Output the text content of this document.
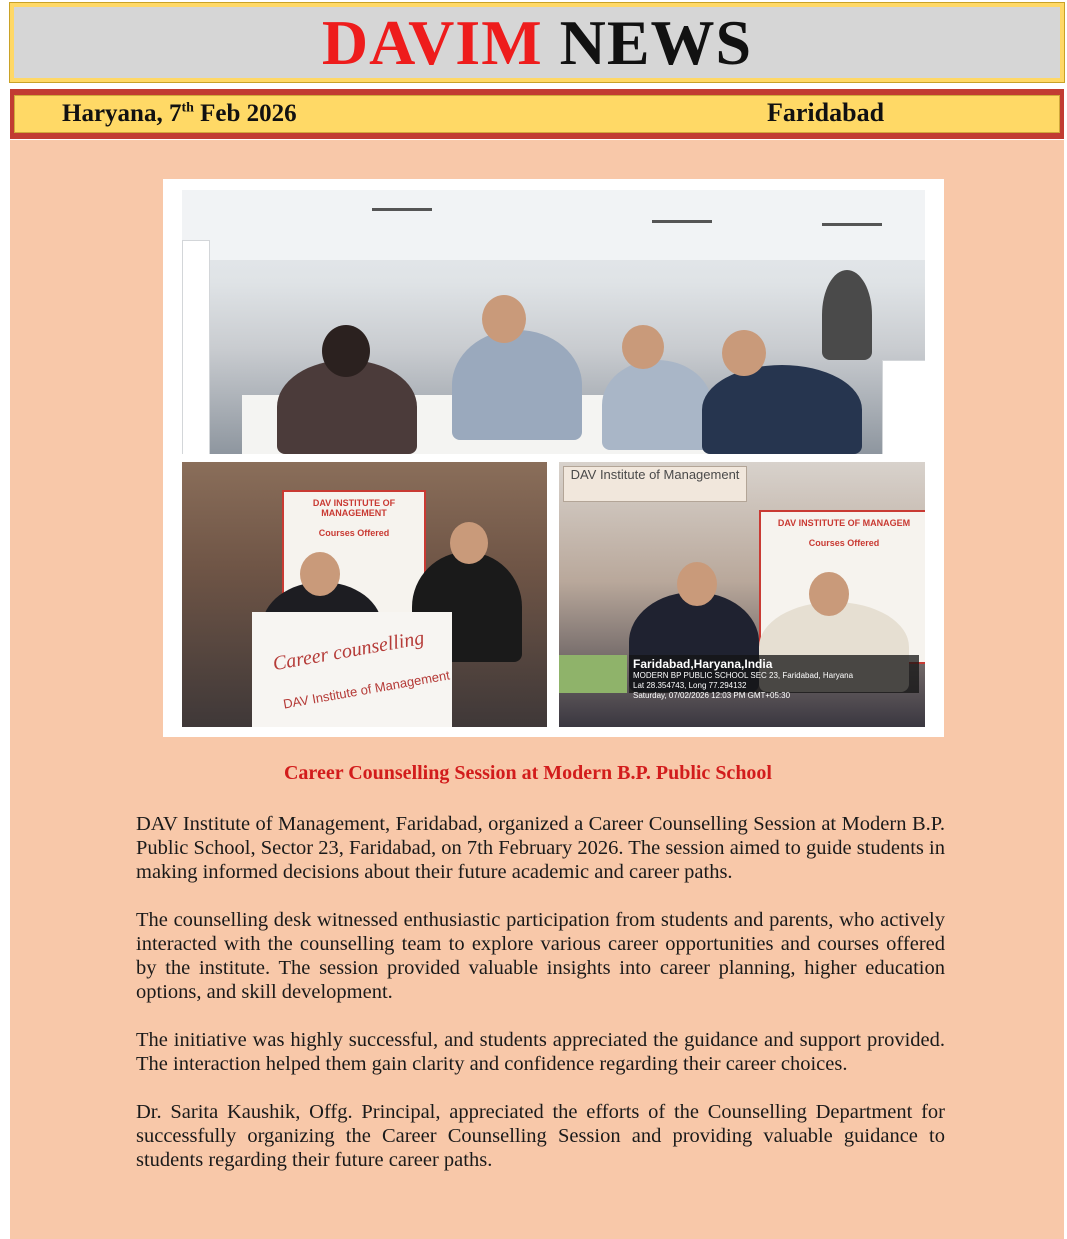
DAVIM NEWS
Haryana, 7th Feb 2026	Faridabad
DAV INSTITUTE OF MANAGEMENT

Courses Offered
Career counselling
DAV Institute of Management
DAV Institute of Management
DAV INSTITUTE OF MANAGEM

Courses Offered
Faridabad,Haryana,India
MODERN BP PUBLIC SCHOOL SEC 23, Faridabad, Haryana
Lat 28.354743, Long 77.294132
Saturday, 07/02/2026 12:03 PM GMT+05:30
Career Counselling Session at Modern B.P. Public School

DAV Institute of Management, Faridabad, organized a Career Counselling Session at Modern B.P. Public School, Sector 23, Faridabad, on 7th February 2026. The session aimed to guide students in making informed decisions about their future academic and career paths.

The counselling desk witnessed enthusiastic participation from students and parents, who actively interacted with the counselling team to explore various career opportunities and courses offered by the institute. The session provided valuable insights into career planning, higher education options, and skill development.

The initiative was highly successful, and students appreciated the guidance and support provided. The interaction helped them gain clarity and confidence regarding their career choices.

Dr. Sarita Kaushik, Offg. Principal, appreciated the efforts of the Counselling Department for successfully organizing the Career Counselling Session and providing valuable guidance to students regarding their future career paths.
